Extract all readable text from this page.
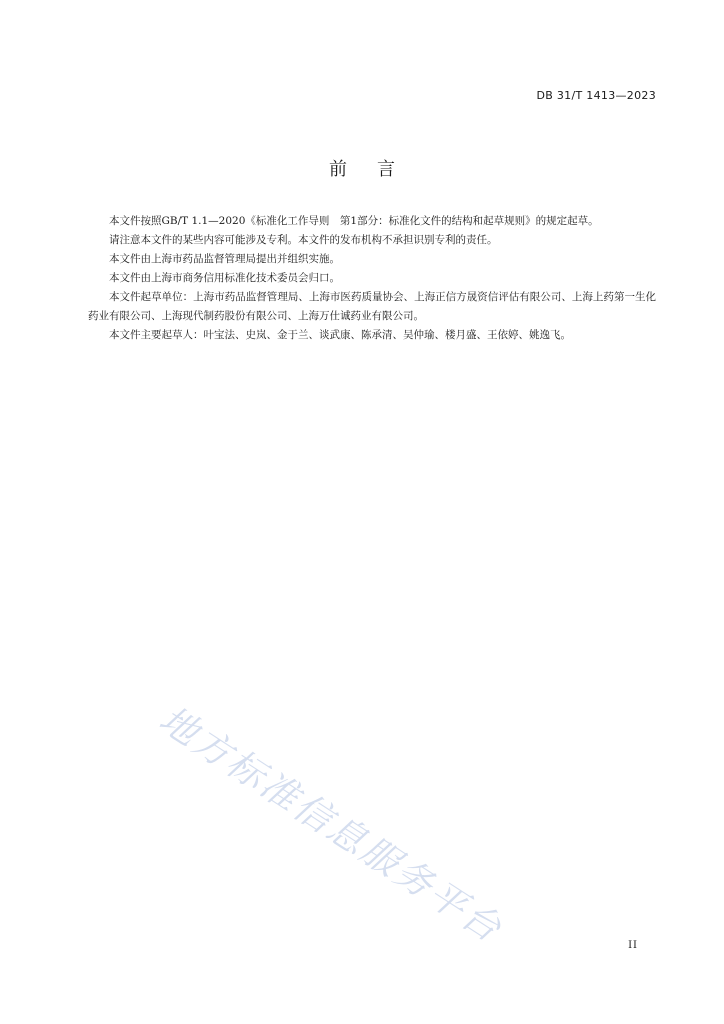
DB 31/T 1413—2023
前言

本文件按照GB/T 1.1—2020《标准化工作导则　第1部分：标准化文件的结构和起草规则》的规定起草。

请注意本文件的某些内容可能涉及专利。本文件的发布机构不承担识别专利的责任。

本文件由上海市药品监督管理局提出并组织实施。

本文件由上海市商务信用标准化技术委员会归口。

本文件起草单位：上海市药品监督管理局、上海市医药质量协会、上海正信方晟资信评估有限公司、上海上药第一生化药业有限公司、上海现代制药股份有限公司、上海万仕诚药业有限公司。

本文件主要起草人：叶宝法、史岚、金于兰、谈武康、陈承清、吴仲瑜、楼月盛、王依婷、姚逸飞。

地方标准信息服务平台	II
